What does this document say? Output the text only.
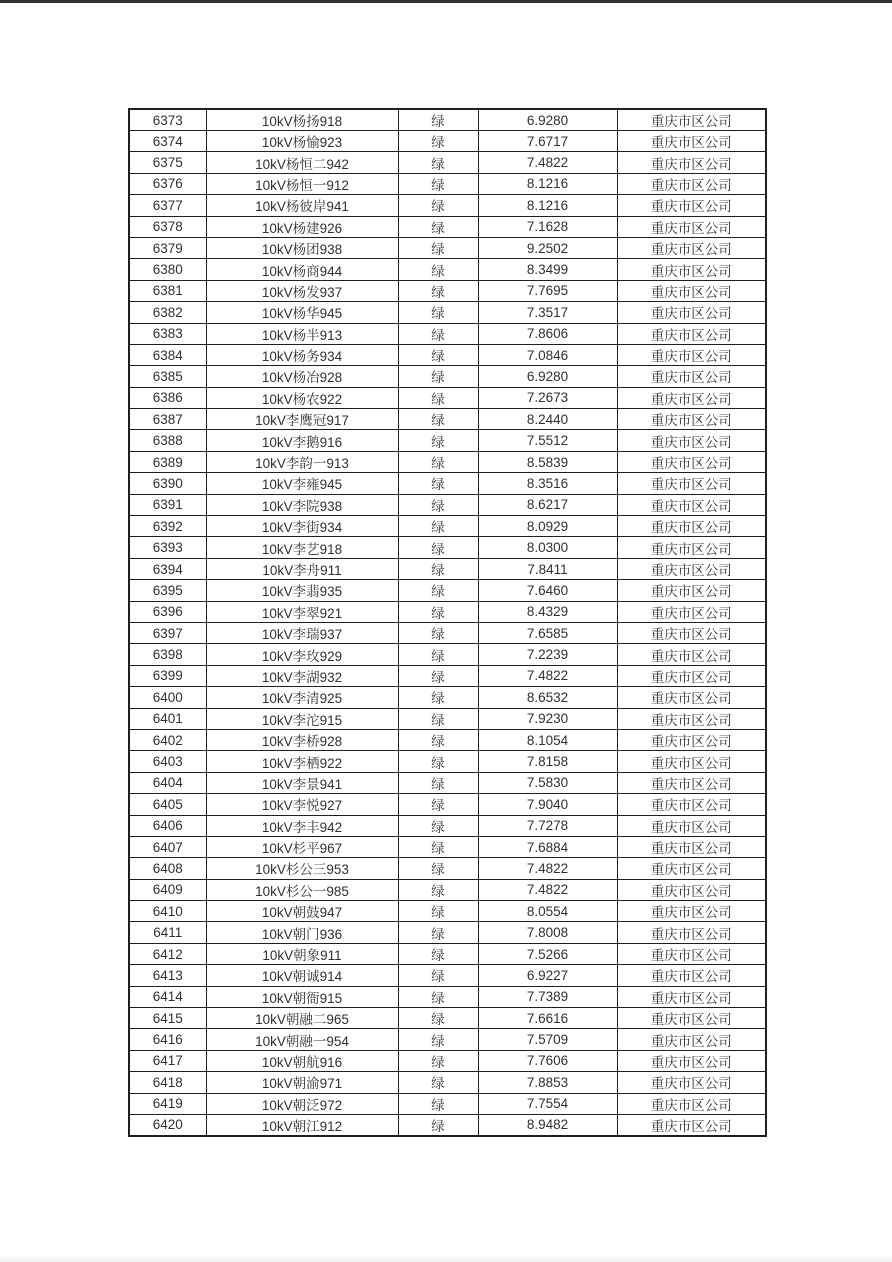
6373	10kV杨扬918	绿	6.9280	重庆市区公司
6374	10kV杨愉923	绿	7.6717	重庆市区公司
6375	10kV杨恒二942	绿	7.4822	重庆市区公司
6376	10kV杨恒一912	绿	8.1216	重庆市区公司
6377	10kV杨彼岸941	绿	8.1216	重庆市区公司
6378	10kV杨建926	绿	7.1628	重庆市区公司
6379	10kV杨团938	绿	9.2502	重庆市区公司
6380	10kV杨商944	绿	8.3499	重庆市区公司
6381	10kV杨发937	绿	7.7695	重庆市区公司
6382	10kV杨华945	绿	7.3517	重庆市区公司
6383	10kV杨半913	绿	7.8606	重庆市区公司
6384	10kV杨务934	绿	7.0846	重庆市区公司
6385	10kV杨冶928	绿	6.9280	重庆市区公司
6386	10kV杨农922	绿	7.2673	重庆市区公司
6387	10kV李鹰冠917	绿	8.2440	重庆市区公司
6388	10kV李鹅916	绿	7.5512	重庆市区公司
6389	10kV李韵一913	绿	8.5839	重庆市区公司
6390	10kV李雍945	绿	8.3516	重庆市区公司
6391	10kV李院938	绿	8.6217	重庆市区公司
6392	10kV李街934	绿	8.0929	重庆市区公司
6393	10kV李艺918	绿	8.0300	重庆市区公司
6394	10kV李舟911	绿	7.8411	重庆市区公司
6395	10kV李翡935	绿	7.6460	重庆市区公司
6396	10kV李翠921	绿	8.4329	重庆市区公司
6397	10kV李瑞937	绿	7.6585	重庆市区公司
6398	10kV李玫929	绿	7.2239	重庆市区公司
6399	10kV李湖932	绿	7.4822	重庆市区公司
6400	10kV李清925	绿	8.6532	重庆市区公司
6401	10kV李沱915	绿	7.9230	重庆市区公司
6402	10kV李桥928	绿	8.1054	重庆市区公司
6403	10kV李栖922	绿	7.8158	重庆市区公司
6404	10kV李景941	绿	7.5830	重庆市区公司
6405	10kV李悦927	绿	7.9040	重庆市区公司
6406	10kV李丰942	绿	7.7278	重庆市区公司
6407	10kV杉平967	绿	7.6884	重庆市区公司
6408	10kV杉公三953	绿	7.4822	重庆市区公司
6409	10kV杉公一985	绿	7.4822	重庆市区公司
6410	10kV朝鼓947	绿	8.0554	重庆市区公司
6411	10kV朝门936	绿	7.8008	重庆市区公司
6412	10kV朝象911	绿	7.5266	重庆市区公司
6413	10kV朝诚914	绿	6.9227	重庆市区公司
6414	10kV朝衙915	绿	7.7389	重庆市区公司
6415	10kV朝融二965	绿	7.6616	重庆市区公司
6416	10kV朝融一954	绿	7.5709	重庆市区公司
6417	10kV朝航916	绿	7.7606	重庆市区公司
6418	10kV朝渝971	绿	7.8853	重庆市区公司
6419	10kV朝泛972	绿	7.7554	重庆市区公司
6420	10kV朝江912	绿	8.9482	重庆市区公司
